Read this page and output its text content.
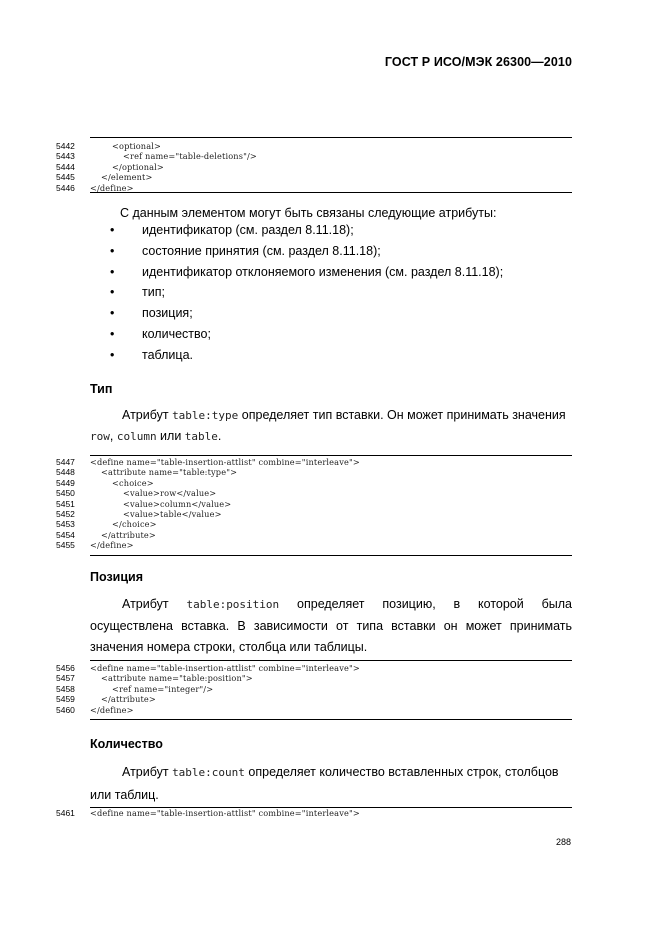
ГОСТ Р ИСО/МЭК 26300—2010
5442	<optional>
5443	<ref name="table-deletions"/>
5444	</optional>
5445	</element>
5446	</define>
С данным элементом могут быть связаны следующие атрибуты:
• идентификатор (см. раздел 8.11.18);
• состояние принятия (см. раздел 8.11.18);
• идентификатор отклоняемого изменения (см. раздел 8.11.18);
• тип;
• позиция;
• количество;
• таблица.
Тип
Атрибут table:type определяет тип вставки. Он может принимать значения
row, column или table.
5447	<define name="table-insertion-attlist" combine="interleave">
5448	<attribute name="table:type">
5449	<choice>
5450	<value>row</value>
5451	<value>column</value>
5452	<value>table</value>
5453	</choice>
5454	</attribute>
5455	</define>
Позиция
Атрибут table:position определяет позицию, в которой была осуществлена вставка. В зависимости от типа вставки он может принимать значения номера строки, столбца или таблицы.
5456	<define name="table-insertion-attlist" combine="interleave">
5457	<attribute name="table:position">
5458	<ref name="integer"/>
5459	</attribute>
5460	</define>
Количество
Атрибут table:count определяет количество вставленных строк, столбцов или таблиц.
5461	<define name="table-insertion-attlist" combine="interleave">
288
